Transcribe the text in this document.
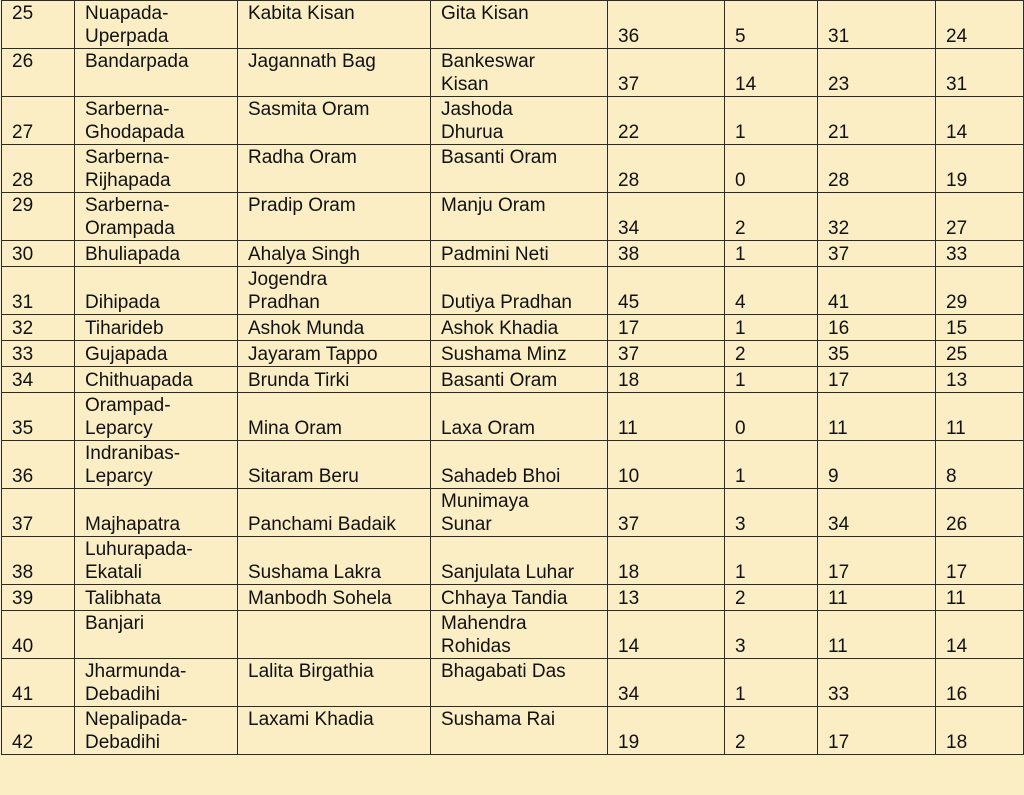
25	Nuapada-
Uperpada	Kabita Kisan	Gita Kisan	36	5	31	24

26	Bandarpada	Jagannath Bag	Bankeswar
Kisan	37	14	23	31

27	Sarberna-
Ghodapada	Sasmita Oram	Jashoda
Dhurua	22	1	21	14

28	Sarberna-
Rijhapada	Radha Oram	Basanti Oram	28	0	28	19

29	Sarberna-
Orampada	Pradip Oram	Manju Oram	34	2	32	27

30	Bhuliapada	Ahalya Singh	Padmini Neti	38	1	37	33

31	Dihipada	Jogendra
Pradhan	Dutiya Pradhan	45	4	41	29

32	Tiharideb	Ashok Munda	Ashok Khadia	17	1	16	15

33	Gujapada	Jayaram Tappo	Sushama Minz	37	2	35	25

34	Chithuapada	Brunda Tirki	Basanti Oram	18	1	17	13

35	Orampad-
Leparcy	Mina Oram	Laxa Oram	11	0	11	11

36	Indranibas-
Leparcy	Sitaram Beru	Sahadeb Bhoi	10	1	9	8

37	Majhapatra	Panchami Badaik	Munimaya
Sunar	37	3	34	26

38	Luhurapada-
Ekatali	Sushama Lakra	Sanjulata Luhar	18	1	17	17

39	Talibhata	Manbodh Sohela	Chhaya Tandia	13	2	11	11

40	Banjari		Mahendra
Rohidas	14	3	11	14

41	Jharmunda-
Debadihi	Lalita Birgathia	Bhagabati Das	34	1	33	16

42	Nepalipada-
Debadihi	Laxami Khadia	Sushama Rai	19	2	17	18
